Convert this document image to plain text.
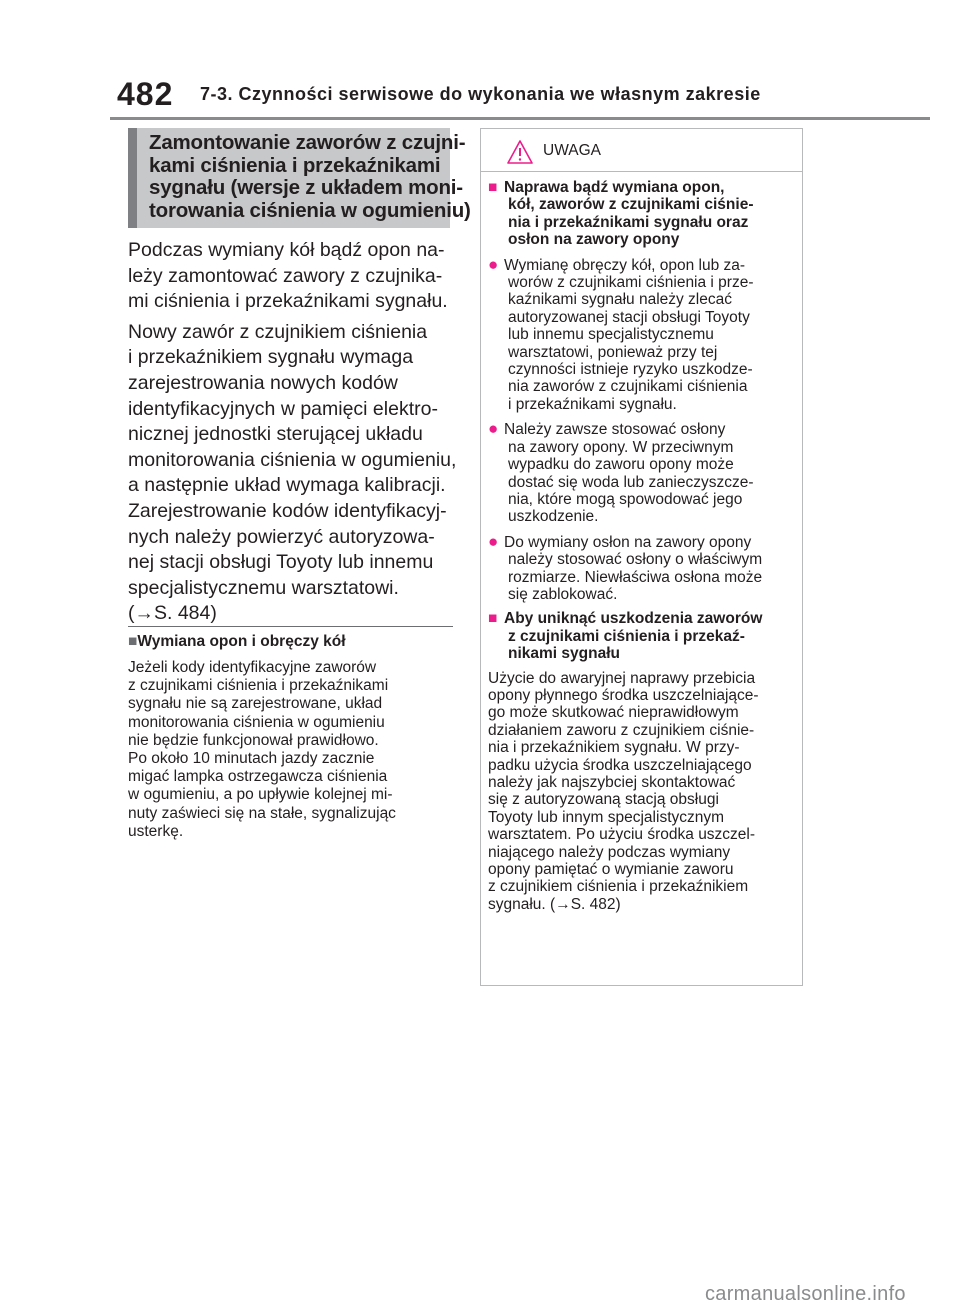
482 7-3. Czynności serwisowe do wykonania we własnym zakresie
Zamontowanie zaworów z czujni-
kami ciśnienia i przekaźnikami
sygnału (wersje z układem moni-
torowania ciśnienia w ogumieniu)
Podczas wymiany kół bądź opon na-
leży zamontować zawory z czujnika-
mi ciśnienia i przekaźnikami sygnału.
Nowy zawór z czujnikiem ciśnienia
i przekaźnikiem sygnału wymaga
zarejestrowania nowych kodów
identyfikacyjnych w pamięci elektro-
nicznej jednostki sterującej układu
monitorowania ciśnienia w ogumieniu,
a następnie układ wymaga kalibracji.
Zarejestrowanie kodów identyfikacyj-
nych należy powierzyć autoryzowa-
nej stacji obsługi Toyoty lub innemu
specjalistycznemu warsztatowi.
(→S. 484)
■Wymiana opon i obręczy kół
Jeżeli kody identyfikacyjne zaworów
z czujnikami ciśnienia i przekaźnikami
sygnału nie są zarejestrowane, układ
monitorowania ciśnienia w ogumieniu
nie będzie funkcjonował prawidłowo.
Po około 10 minutach jazdy zacznie
migać lampka ostrzegawcza ciśnienia
w ogumieniu, a po upływie kolejnej mi-
nuty zaświeci się na stałe, sygnalizując
usterkę.
UWAGA
■ Naprawa bądź wymiana opon,
kół, zaworów z czujnikami ciśnie-
nia i przekaźnikami sygnału oraz
osłon na zawory opony
● Wymianę obręczy kół, opon lub za-
worów z czujnikami ciśnienia i prze-
kaźnikami sygnału należy zlecać
autoryzowanej stacji obsługi Toyoty
lub innemu specjalistycznemu
warsztatowi, ponieważ przy tej
czynności istnieje ryzyko uszkodze-
nia zaworów z czujnikami ciśnienia
i przekaźnikami sygnału.
● Należy zawsze stosować osłony
na zawory opony. W przeciwnym
wypadku do zaworu opony może
dostać się woda lub zanieczyszcze-
nia, które mogą spowodować jego
uszkodzenie.
● Do wymiany osłon na zawory opony
należy stosować osłony o właściwym
rozmiarze. Niewłaściwa osłona może
się zablokować.
■ Aby uniknąć uszkodzenia zaworów
z czujnikami ciśnienia i przekaź-
nikami sygnału
Użycie do awaryjnej naprawy przebicia
opony płynnego środka uszczelniające-
go może skutkować nieprawidłowym
działaniem zaworu z czujnikiem ciśnie-
nia i przekaźnikiem sygnału. W przy-
padku użycia środka uszczelniającego
należy jak najszybciej skontaktować
się z autoryzowaną stacją obsługi
Toyoty lub innym specjalistycznym
warsztatem. Po użyciu środka uszczel-
niającego należy podczas wymiany
opony pamiętać o wymianie zaworu
z czujnikiem ciśnienia i przekaźnikiem
sygnału. (→S. 482)
carmanualsonline.info
